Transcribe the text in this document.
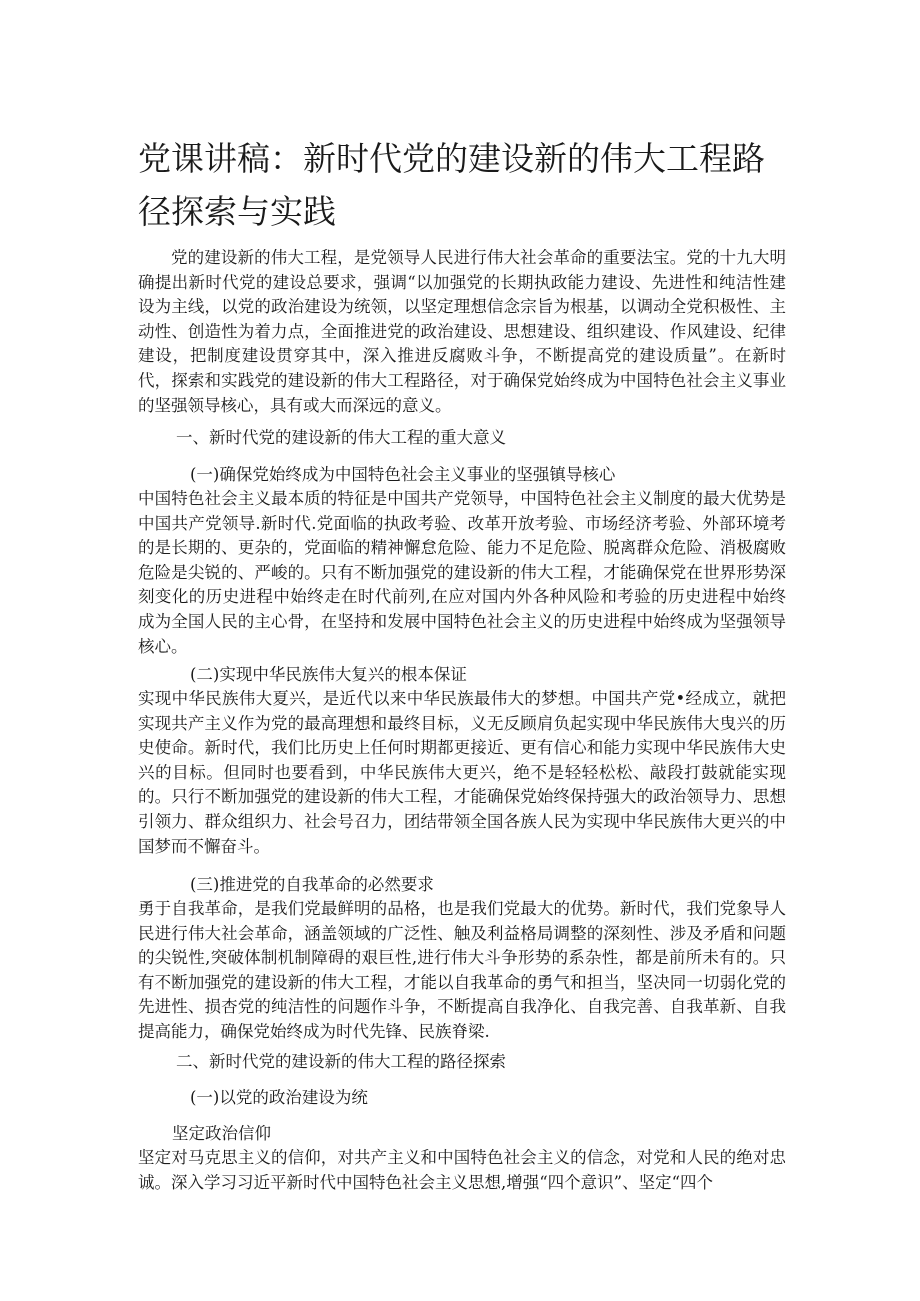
党课讲稿：新时代党的建设新的伟大工程路径探索与实践

党的建设新的伟大工程，是党领导人民进行伟大社会革命的重要法宝。党的十九大明确提出新时代党的建设总要求，强调“以加强党的长期执政能力建设、先进性和纯洁性建设为主线，以党的政治建设为统领，以坚定理想信念宗旨为根基，以调动全党积极性、主动性、创造性为着力点，全面推进党的政治建设、思想建设、组织建设、作风建设、纪律建设，把制度建设贯穿其中，深入推进反腐败斗争，不断提高党的建设质量”。在新时代，探索和实践党的建设新的伟大工程路径，对于确保党始终成为中国特色社会主义事业的坚强领导核心，具有或大而深远的意义。

一、新时代党的建设新的伟大工程的重大意义

(一)确保党始终成为中国特色社会主义事业的坚强镇导核心

中国特色社会主义最本质的特征是中国共产党领导，中国特色社会主义制度的最大优势是中国共产党领导.新时代.党面临的执政考验、改革开放考验、市场经济考验、外部环境考的是长期的、更杂的，党面临的精神懈怠危险、能力不足危险、脱离群众危险、消极腐败危险是尖锐的、严峻的。只有不断加强党的建设新的伟大工程，才能确保党在世界形势深刻变化的历史进程中始终走在时代前列,在应对国内外各种风险和考验的历史进程中始终成为全国人民的主心骨，在坚持和发展中国特色社会主义的历史进程中始终成为坚强领导核心。

(二)实现中华民族伟大复兴的根本保证

实现中华民族伟大夏兴，是近代以来中华民族最伟大的梦想。中国共产党•经成立，就把实现共产主义作为党的最高理想和最终目标，义无反顾肩负起实现中华民族伟大曳兴的历史使命。新时代，我们比历史上任何时期都更接近、更有信心和能力实现中华民族伟大史兴的目标。但同时也要看到，中华民族伟大更兴，绝不是轻轻松松、敲段打鼓就能实现的。只行不断加强党的建设新的伟大工程，才能确保党始终保持强大的政治领导力、思想引领力、群众组织力、社会号召力，团结带领全国各族人民为实现中华民族伟大更兴的中国梦而不懈奋斗。

(三)推进党的自我革命的必然要求

勇于自我革命，是我们党最鲜明的品格，也是我们党最大的优势。新时代，我们党象导人民进行伟大社会革命，涵盖领域的广泛性、触及利益格局调整的深刻性、涉及矛盾和问题的尖锐性,突破体制机制障碍的艰巨性,进行伟大斗争形势的系杂性，都是前所未有的。只有不断加强党的建设新的伟大工程，才能以自我革命的勇气和担当，坚决同一切弱化党的先进性、损杏党的纯洁性的问题作斗争，不断提高自我净化、自我完善、自我革新、自我提高能力，确保党始终成为时代先锋、民族脊梁.

二、新时代党的建设新的伟大工程的路径探索

(一)以党的政治建设为统

坚定政治信仰

坚定对马克思主义的信仰，对共产主义和中国特色社会主义的信念，对党和人民的绝对忠诚。深入学习习近平新时代中国特色社会主义思想,增强“四个意识”、坚定“四个
